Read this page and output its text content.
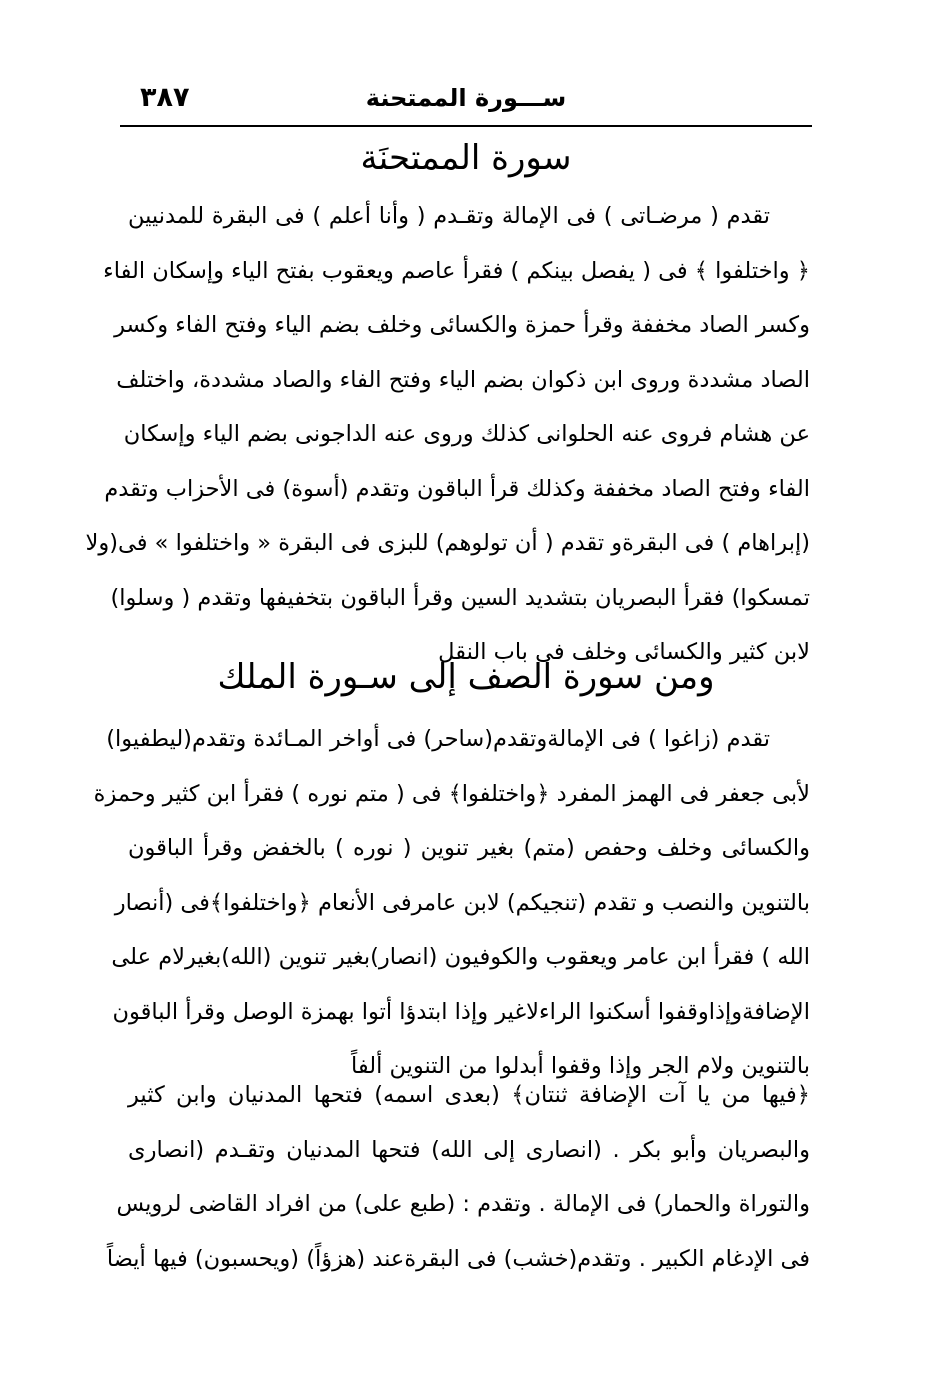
٣٨٧	ســـورة الممتحنة
سورة الممتحنَة
تقدم ( مرضـاتى ) فى الإمالة وتقـدم ( وأنا أعلم ) فى البقرة للمدنيين
﴿ واختلفوا ﴾ فى ( يفصل بينكم ) فقرأ عاصم ويعقوب بفتح الياء وإسكان الفاء
وكسر الصاد مخففة وقرأ حمزة والكسائى وخلف بضم الياء وفتح الفاء وكسر
الصاد مشددة وروى ابن ذكوان بضم الياء وفتح الفاء والصاد مشددة، واختلف
عن هشام فروى عنه الحلوانى كذلك وروى عنه الداجونى بضم الياء وإسكان
الفاء وفتح الصاد مخففة وكذلك قرأ الباقون وتقدم (أسوة) فى الأحزاب وتقدم
(إبراهام ) فى البقرةو تقدم ( أن تولوهم) للبزى فى البقرة « واختلفوا » فى(ولا
تمسكوا) فقرأ البصريان بتشديد السين وقرأ الباقون بتخفيفها وتقدم ( وسلوا)
لابن كثير والكسائى وخلف فى باب النقل
ومن سورة الصف إلى سـورة الملك
تقدم (زاغوا ) فى الإمالةوتقدم(ساحر) فى أواخر المـائدة وتقدم(ليطفيوا)
لأبى جعفر فى الهمز المفرد ﴿واختلفوا﴾ فى ( متم نوره ) فقرأ ابن كثير وحمزة
والكسائى وخلف وحفص (متم) بغير تنوين ( نوره ) بالخفض وقرأ الباقون
بالتنوين والنصب و تقدم (تنجيكم) لابن عامرفى الأنعام ﴿واختلفوا﴾فى (أنصار
الله ) فقرأ ابن عامر ويعقوب والكوفيون (انصار)بغير تنوين (الله)بغيرلام على
الإضافةوإذاوقفوا أسكنوا الراءلاغير وإذا ابتدؤا أتوا بهمزة الوصل وقرأ الباقون
بالتنوين ولام الجر وإذا وقفوا أبدلوا من التنوين ألفاً
﴿فيها من يا آت الإضافة ثنتان﴾ (بعدى اسمه) فتحها المدنيان وابن كثير
والبصريان وأبو بكر . (انصارى إلى الله) فتحها المدنيان وتقـدم (انصارى
والتوراة والحمار) فى الإمالة . وتقدم : (طبع على) من افراد القاضى لرويس
فى الإدغام الكبير . وتقدم(خشب) فى البقرةعند (هزؤاً) (ويحسبون) فيها أيضاً
